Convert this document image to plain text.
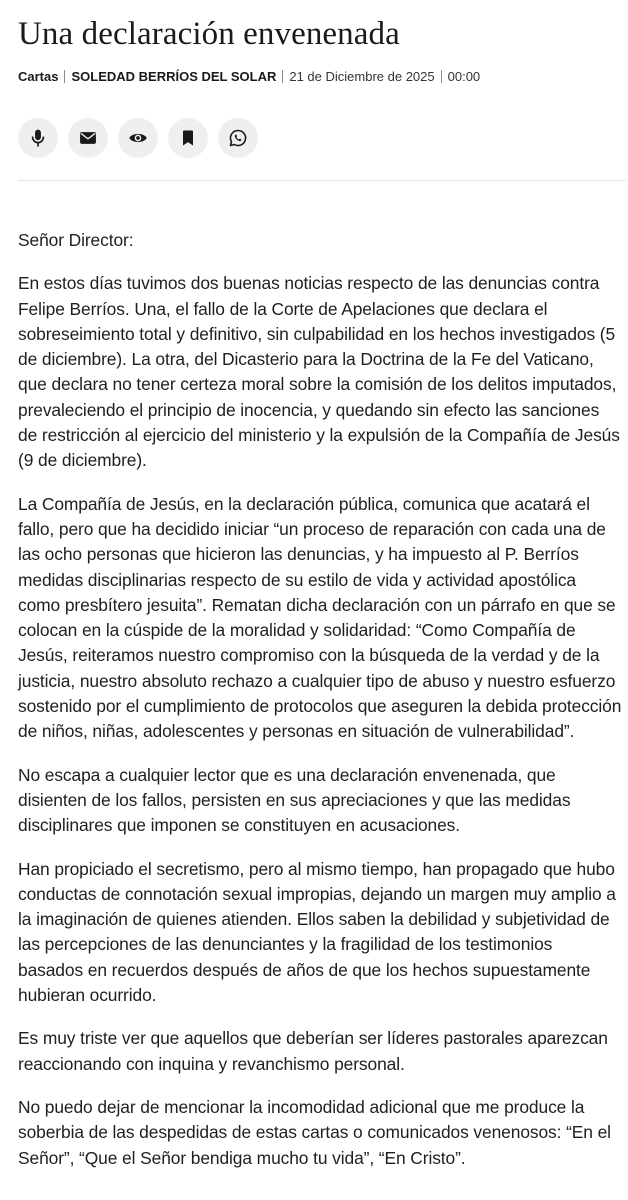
Una declaración envenenada
Cartas SOLEDAD BERRÍOS DEL SOLAR 21 de Diciembre de 2025 00:00

Señor Director:

En estos días tuvimos dos buenas noticias respecto de las denuncias contra Felipe Berríos. Una, el fallo de la Corte de Apelaciones que declara el sobreseimiento total y definitivo, sin culpabilidad en los hechos investigados (5 de diciembre). La otra, del Dicasterio para la Doctrina de la Fe del Vaticano, que declara no tener certeza moral sobre la comisión de los delitos imputados, prevaleciendo el principio de inocencia, y quedando sin efecto las sanciones de restricción al ejercicio del ministerio y la expulsión de la Compañía de Jesús (9 de diciembre).

La Compañía de Jesús, en la declaración pública, comunica que acatará el fallo, pero que ha decidido iniciar “un proceso de reparación con cada una de las ocho personas que hicieron las denuncias, y ha impuesto al P. Berríos medidas disciplinarias respecto de su estilo de vida y actividad apostólica como presbítero jesuita”. Rematan dicha declaración con un párrafo en que se colocan en la cúspide de la moralidad y solidaridad: “Como Compañía de Jesús, reiteramos nuestro compromiso con la búsqueda de la verdad y de la justicia, nuestro absoluto rechazo a cualquier tipo de abuso y nuestro esfuerzo sostenido por el cumplimiento de protocolos que aseguren la debida protección de niños, niñas, adolescentes y personas en situación de vulnerabilidad”.

No escapa a cualquier lector que es una declaración envenenada, que disienten de los fallos, persisten en sus apreciaciones y que las medidas disciplinares que imponen se constituyen en acusaciones.

Han propiciado el secretismo, pero al mismo tiempo, han propagado que hubo conductas de connotación sexual impropias, dejando un margen muy amplio a la imaginación de quienes atienden. Ellos saben la debilidad y subjetividad de las percepciones de las denunciantes y la fragilidad de los testimonios basados en recuerdos después de años de que los hechos supuestamente hubieran ocurrido.

Es muy triste ver que aquellos que deberían ser líderes pastorales aparezcan reaccionando con inquina y revanchismo personal.

No puedo dejar de mencionar la incomodidad adicional que me produce la soberbia de las despedidas de estas cartas o comunicados venenosos: “En el Señor”, “Que el Señor bendiga mucho tu vida”, “En Cristo”.
